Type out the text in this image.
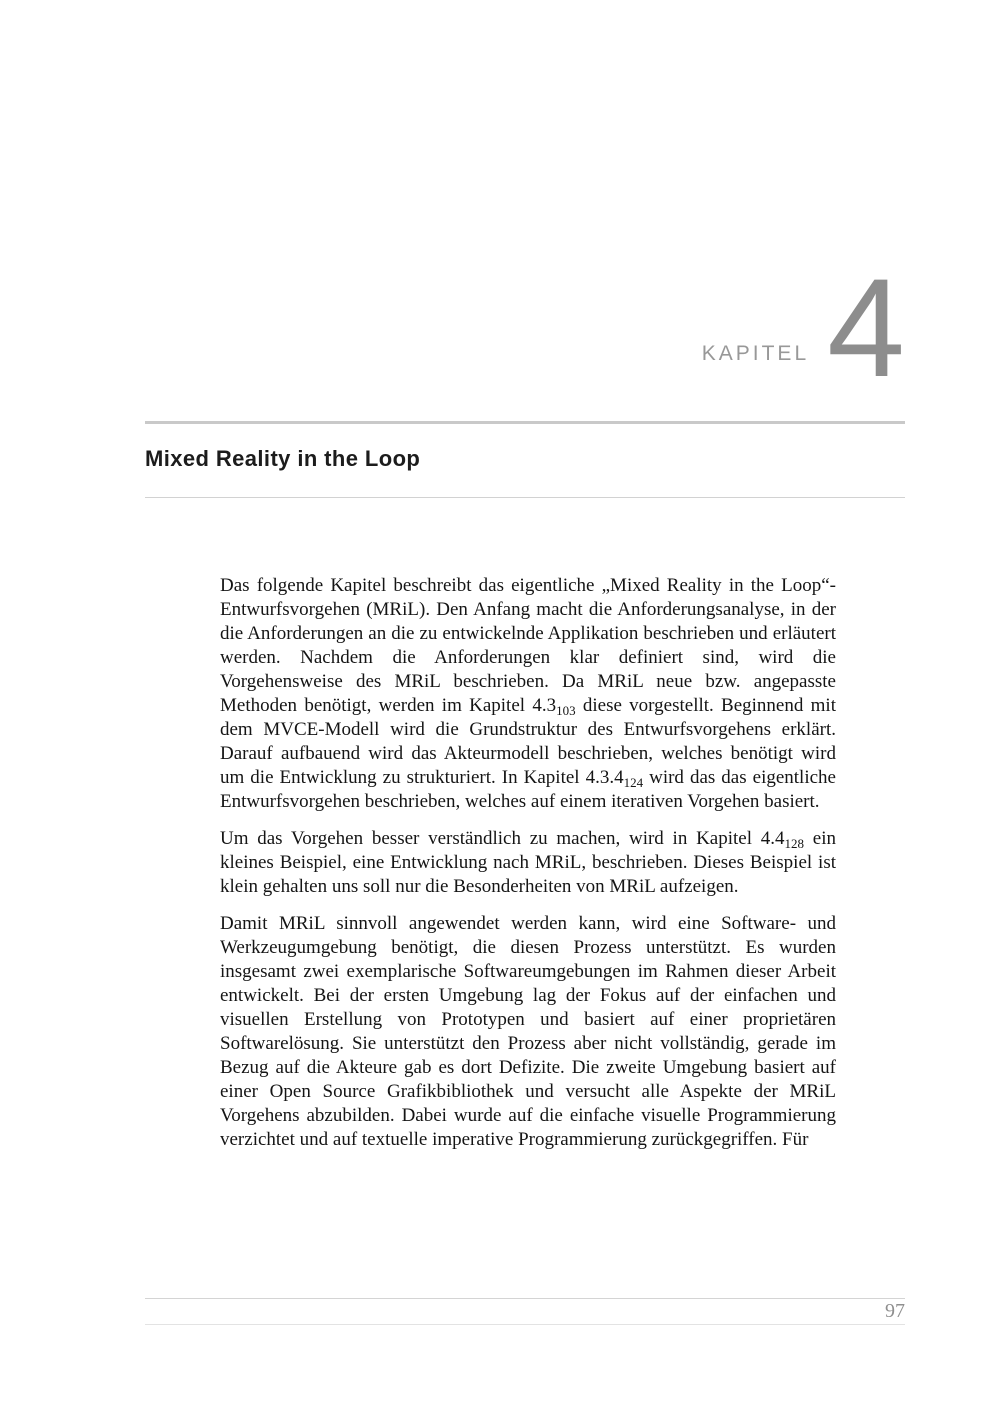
KAPITEL 4
Mixed Reality in the Loop

Das folgende Kapitel beschreibt das eigentliche „Mixed Reality in the Loop“-Entwurfsvorgehen (MRiL). Den Anfang macht die Anforderungsanalyse, in der die Anforderungen an die zu entwickelnde Applikation beschrieben und erläutert werden. Nachdem die Anforderungen klar definiert sind, wird die Vorgehensweise des MRiL beschrieben. Da MRiL neue bzw. angepasste Methoden benötigt, werden im Kapitel $4.3_{103}$ diese vorgestellt. Beginnend mit dem MVCE-Modell wird die Grundstruktur des Entwurfsvorgehens erklärt. Darauf aufbauend wird das Akteurmodell beschrieben, welches benötigt wird um die Entwicklung zu strukturiert. In Kapitel $4.3.4_{124}$ wird das das eigentliche Entwurfsvorgehen beschrieben, welches auf einem iterativen Vorgehen basiert.

Um das Vorgehen besser verständlich zu machen, wird in Kapitel $4.4_{128}$ ein kleines Beispiel, eine Entwicklung nach MRiL, beschrieben. Dieses Beispiel ist klein gehalten uns soll nur die Besonderheiten von MRiL aufzeigen.

Damit MRiL sinnvoll angewendet werden kann, wird eine Software- und Werkzeugumgebung benötigt, die diesen Prozess unterstützt. Es wurden insgesamt zwei exemplarische Softwareumgebungen im Rahmen dieser Arbeit entwickelt. Bei der ersten Umgebung lag der Fokus auf der einfachen und visuellen Erstellung von Prototypen und basiert auf einer proprietären Softwarelösung. Sie unterstützt den Prozess aber nicht vollständig, gerade im Bezug auf die Akteure gab es dort Defizite. Die zweite Umgebung basiert auf einer Open Source Grafikbibliothek und versucht alle Aspekte der MRiL Vorgehens abzubilden. Dabei wurde auf die einfache visuelle Programmierung verzichtet und auf textuelle imperative Programmierung zurückgegriffen. Für

97
